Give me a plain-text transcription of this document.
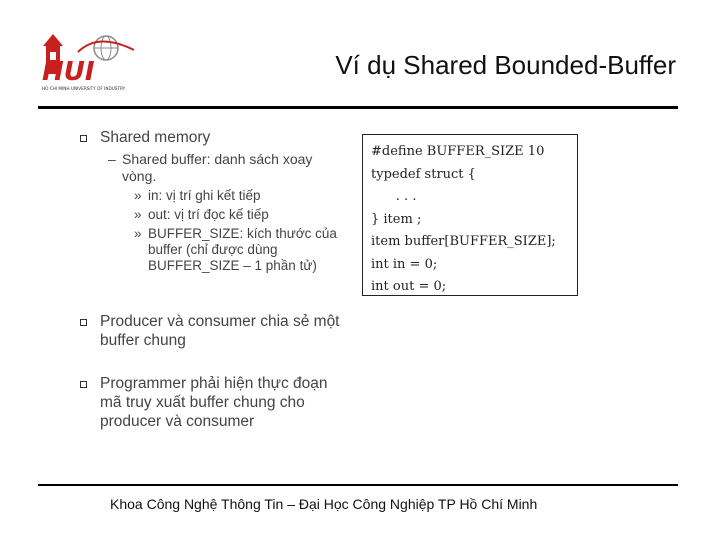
HUI
HO CHI MINH UNIVERSITY OF INDUSTRY
Ví dụ Shared Bounded-Buffer
Shared memory
– Shared buffer: danh sách xoay vòng.
» in: vị trí ghi kết tiếp
» out: vị trí đọc kế tiếp
» BUFFER_SIZE: kích thước của buffer (chỉ được dùng BUFFER_SIZE – 1 phần tử)
Producer và consumer chia sẻ một buffer chung
Programmer phải hiện thực đoạn mã truy xuất buffer chung cho producer và consumer
#define BUFFER_SIZE 10
typedef struct {
. . .
} item ;
item buffer[BUFFER_SIZE];
int in = 0;
int out = 0;
Khoa Công Nghệ Thông Tin – Đại Học Công Nghiệp TP Hồ Chí Minh
